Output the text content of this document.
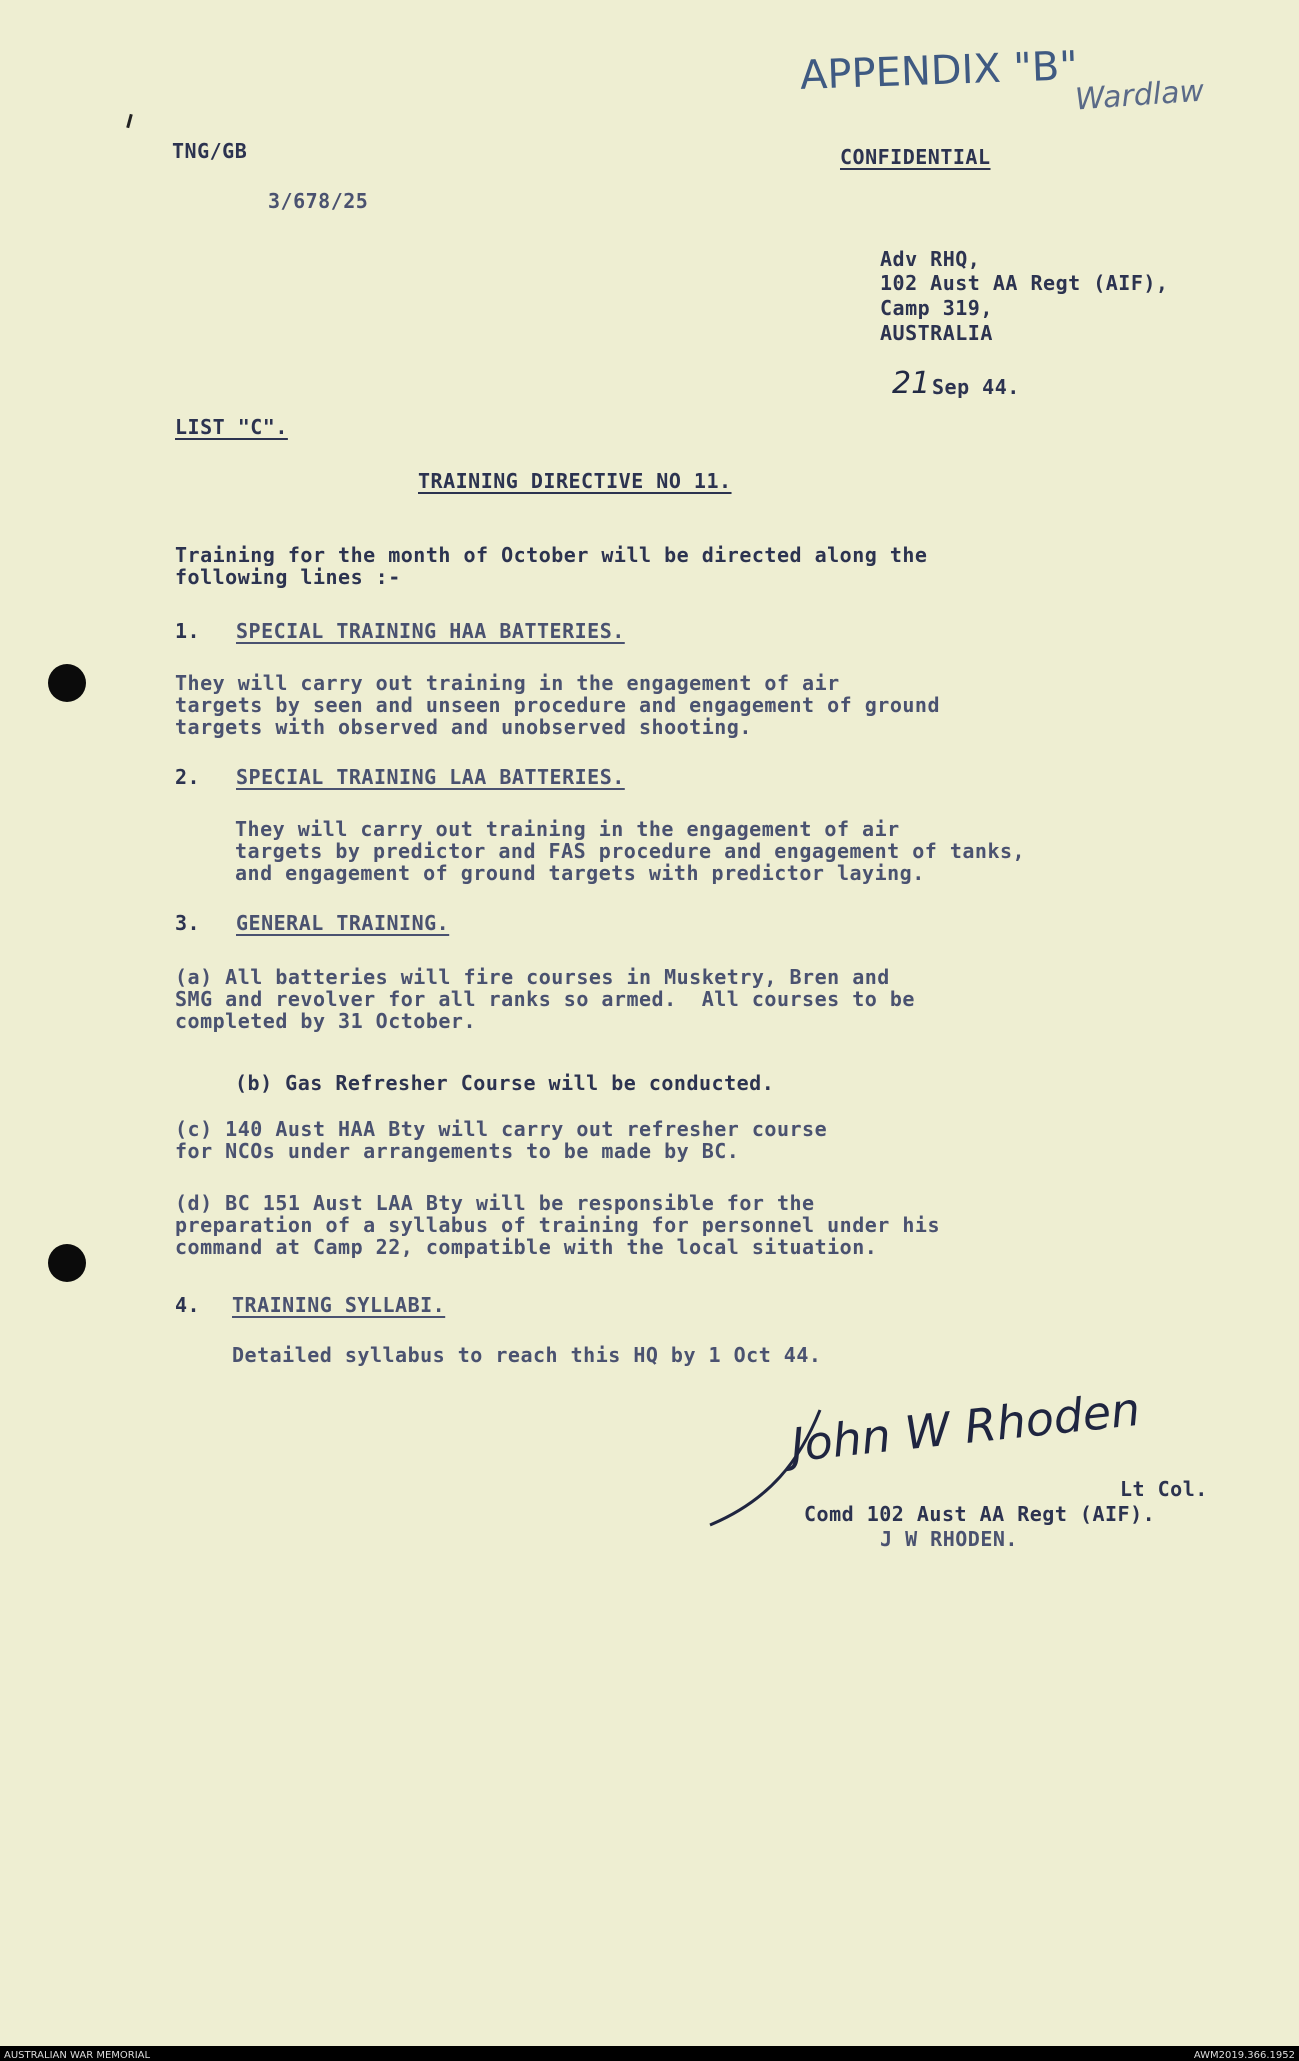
APPENDIX "B"
Wardlaw
TNG/GB
3/678/25
CONFIDENTIAL
Adv RHQ,
102 Aust AA Regt (AIF),
Camp 319,
AUSTRALIA
21 Sep 44.
LIST "C".
TRAINING DIRECTIVE NO 11.
Training for the month of October will be directed along the
following lines :-
1. SPECIAL TRAINING HAA BATTERIES.
They will carry out training in the engagement of air
targets by seen and unseen procedure and engagement of ground
targets with observed and unobserved shooting.
2. SPECIAL TRAINING LAA BATTERIES.
They will carry out training in the engagement of air
targets by predictor and FAS procedure and engagement of tanks,
and engagement of ground targets with predictor laying.
3. GENERAL TRAINING.
(a) All batteries will fire courses in Musketry, Bren and
SMG and revolver for all ranks so armed.  All courses to be
completed by 31 October.
(b) Gas Refresher Course will be conducted.
(c) 140 Aust HAA Bty will carry out refresher course
for NCOs under arrangements to be made by BC.
(d) BC 151 Aust LAA Bty will be responsible for the
preparation of a syllabus of training for personnel under his
command at Camp 22, compatible with the local situation.
4. TRAINING SYLLABI.
Detailed syllabus to reach this HQ by 1 Oct 44.
John W Rhoden
Lt Col.
Comd 102 Aust AA Regt (AIF).
J W RHODEN.
AUSTRALIAN WAR MEMORIAL	AWM2019.366.1952
